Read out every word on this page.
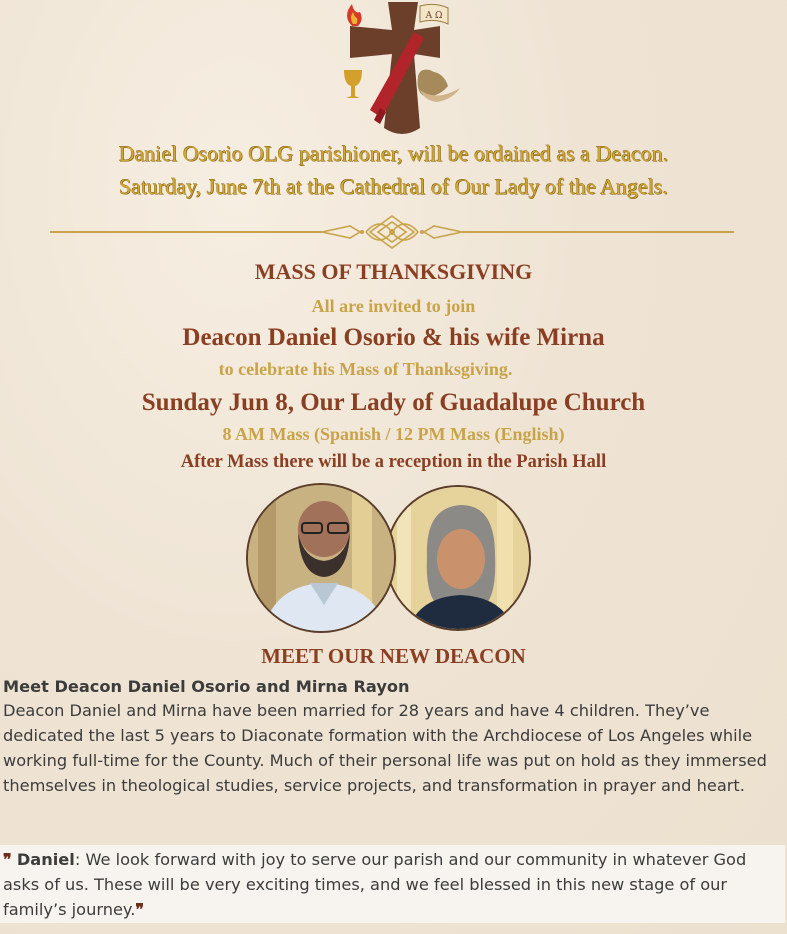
A Ω
Daniel Osorio OLG parishioner, will be ordained as a Deacon.
Saturday, June 7th at the Cathedral of Our Lady of the Angels.
MASS OF THANKSGIVING
All are invited to join
Deacon Daniel Osorio & his wife Mirna
to celebrate his Mass of Thanksgiving.
Sunday Jun 8, Our Lady of Guadalupe Church
8 AM Mass (Spanish / 12 PM Mass (English)
After Mass there will be a reception in the Parish Hall
MEET OUR NEW DEACON
Meet Deacon Daniel Osorio and Mirna Rayon
Deacon Daniel and Mirna have been married for 28 years and have 4 children. They’ve dedicated the last 5 years to Diaconate formation with the Archdiocese of Los Angeles while working full-time for the County. Much of their personal life was put on hold as they immersed themselves in theological studies, service projects, and transformation in prayer and heart.
❞ Daniel: We look forward with joy to serve our parish and our community in whatever God asks of us. These will be very exciting times, and we feel blessed in this new stage of our family’s journey.❞
